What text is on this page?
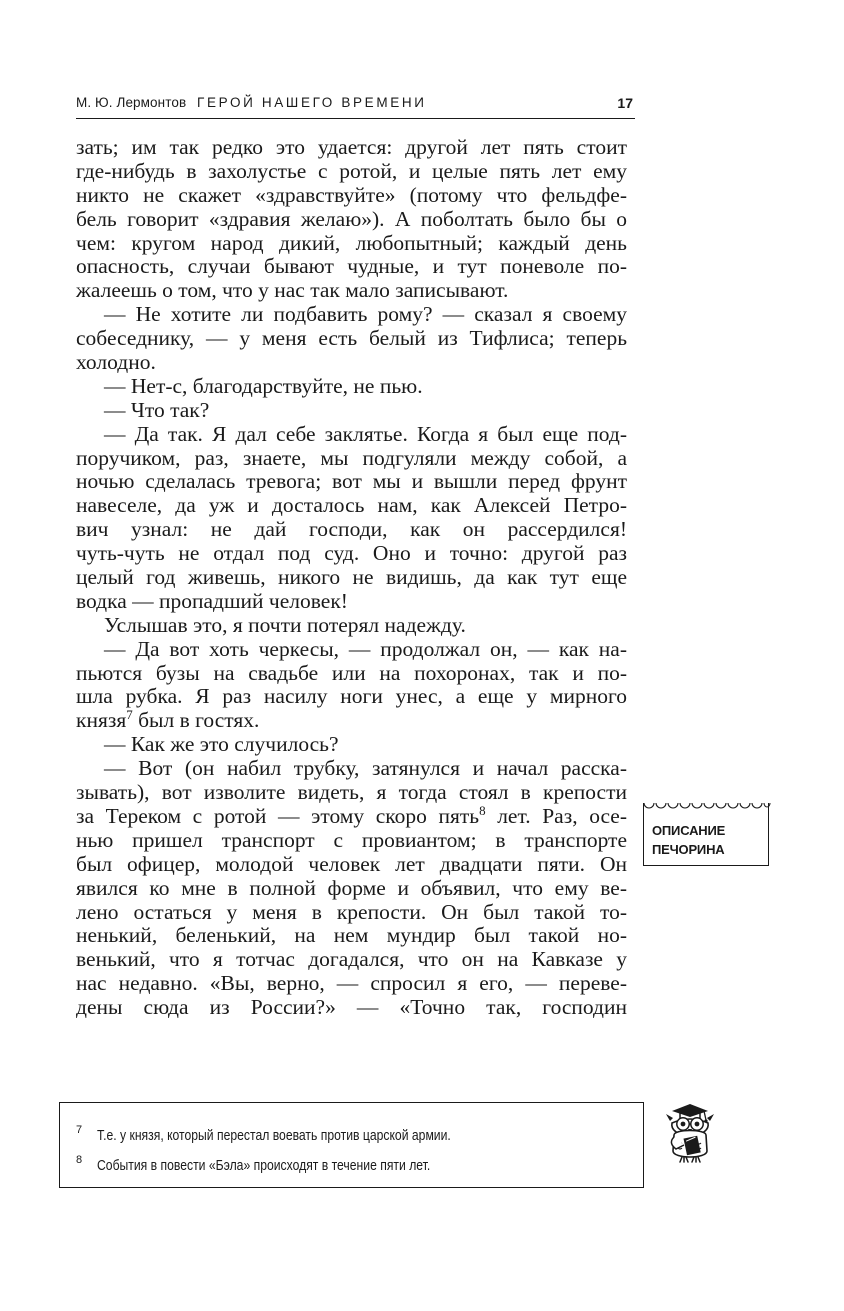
М. Ю. Лермонтов ГЕРОЙ НАШЕГО ВРЕМЕНИ	17
зать; им так редко это удается: другой лет пять стоит
где-нибудь в захолустье с ротой, и целые пять лет ему
никто не скажет «здравствуйте» (потому что фельдфе-
бель говорит «здравия желаю»). А поболтать было бы о
чем: кругом народ дикий, любопытный; каждый день
опасность, случаи бывают чудные, и тут поневоле по-
жалеешь о том, что у нас так мало записывают.
— Не хотите ли подбавить рому? — сказал я своему
собеседнику, — у меня есть белый из Тифлиса; теперь
холодно.
— Нет-с, благодарствуйте, не пью.
— Что так?
— Да так. Я дал себе заклятье. Когда я был еще под-
поручиком, раз, знаете, мы подгуляли между собой, а
ночью сделалась тревога; вот мы и вышли перед фрунт
навеселе, да уж и досталось нам, как Алексей Петро-
вич узнал: не дай господи, как он рассердился!
чуть-чуть не отдал под суд. Оно и точно: другой раз
целый год живешь, никого не видишь, да как тут еще
водка — пропадший человек!
Услышав это, я почти потерял надежду.
— Да вот хоть черкесы, — продолжал он, — как на-
пьются бузы на свадьбе или на похоронах, так и по-
шла рубка. Я раз насилу ноги унес, а еще у мирного
князя$^7$ был в гостях.
— Как же это случилось?
— Вот (он набил трубку, затянулся и начал расска-
зывать), вот изволите видеть, я тогда стоял в крепости
за Тереком с ротой — этому скоро пять$^8$ лет. Раз, осе-
нью пришел транспорт с провиантом; в транспорте
был офицер, молодой человек лет двадцати пяти. Он
явился ко мне в полной форме и объявил, что ему ве-
лено остаться у меня в крепости. Он был такой то-
ненький, беленький, на нем мундир был такой но-
венький, что я тотчас догадался, что он на Кавказе у
нас недавно. «Вы, верно, — спросил я его, — переве-
дены сюда из России?» — «Точно так, господин
ОПИСАНИЕ
ПЕЧОРИНА
7 Т.е. у князя, который перестал воевать против царской армии.
8 События в повести «Бэла» происходят в течение пяти лет.
